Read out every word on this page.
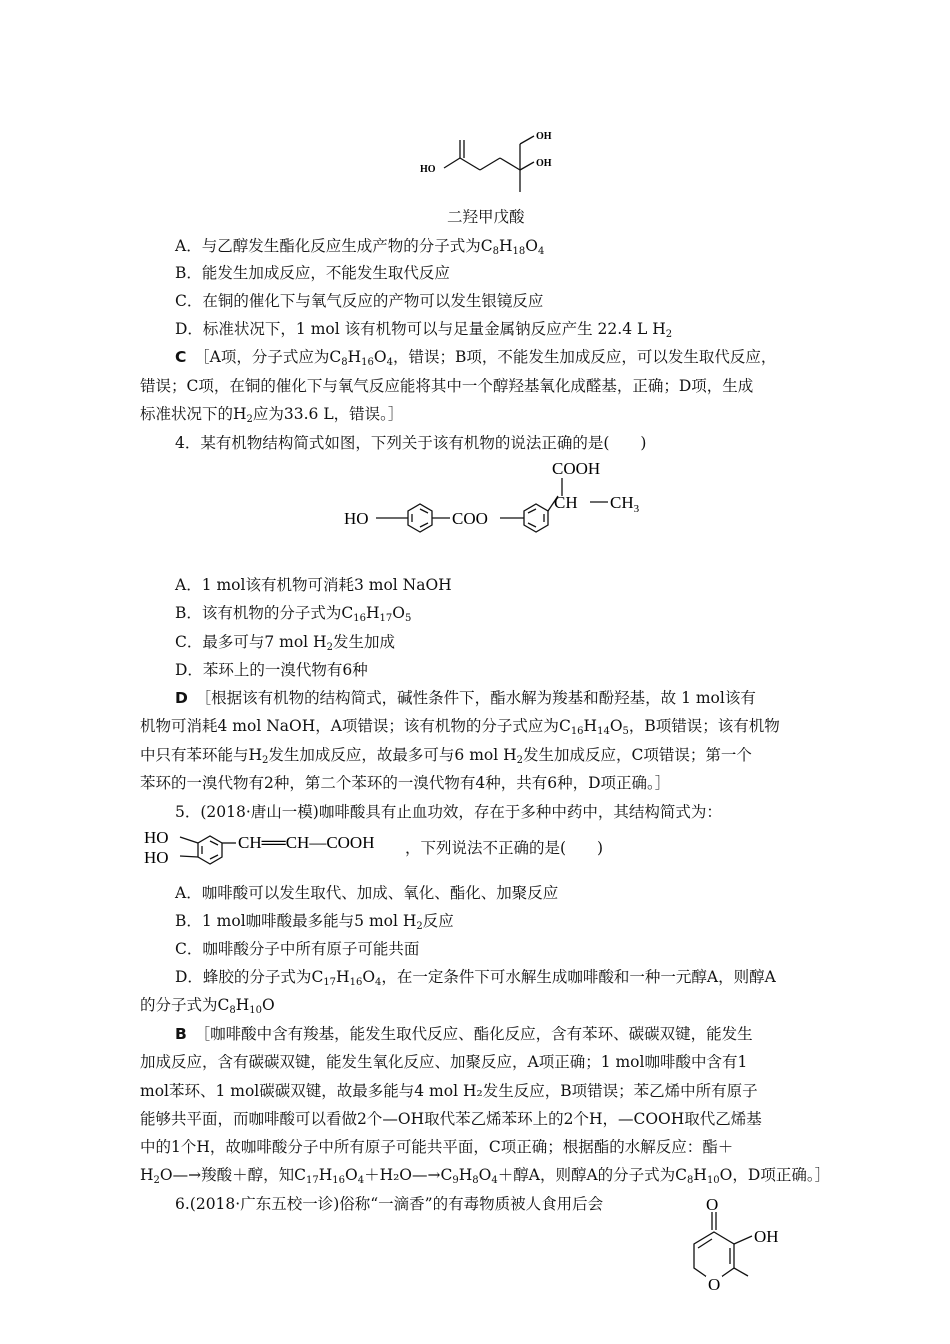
HO
OH
OH
二羟甲戊酸
A．与乙醇发生酯化反应生成产物的分子式为$C_8H_{18}O_4$
B．能发生加成反应，不能发生取代反应
C．在铜的催化下与氧气反应的产物可以发生银镜反应
D．标准状况下，1 mol 该有机物可以与足量金属钠反应产生 22.4 L $H_2$
C　 ［A项，分子式应为$C_8H_{16}O_4$，错误；B项，不能发生加成反应，可以发生取代反应，
错误；C项，在铜的催化下与氧气反应能将其中一个醇羟基氧化成醛基，正确；D项，生成
标准状况下的$H_2$应为33.6 L，错误。］
4．某有机物结构简式如图，下列关于该有机物的说法正确的是(　　)
COOH
CH $CH_3$
HO	COO
A．1 mol该有机物可消耗3 mol NaOH
B．该有机物的分子式为$C_{16}H_{17}O_5$
C．最多可与7 mol $H_2$发生加成
D．苯环上的一溴代物有6种
D　 ［根据该有机物的结构简式，碱性条件下，酯水解为羧基和酚羟基，故 1 mol该有
机物可消耗4 mol NaOH，A项错误；该有机物的分子式应为$C_{16}H_{14}O_5$，B项错误；该有机物
中只有苯环能与$H_2$发生加成反应，故最多可与6 mol $H_2$发生加成反应，C项错误；第一个
苯环的一溴代物有2种，第二个苯环的一溴代物有4种，共有6种，D项正确。］
5．(2018·唐山一模)咖啡酸具有止血功效，存在于多种中药中，其结构简式为：
HO
HO
CH══CH—COOH ，下列说法不正确的是(　　)
A．咖啡酸可以发生取代、加成、氧化、酯化、加聚反应
B．1 mol咖啡酸最多能与5 mol $H_2$反应
C．咖啡酸分子中所有原子可能共面
D．蜂胶的分子式为$C_{17}H_{16}O_4$，在一定条件下可水解生成咖啡酸和一种一元醇A，则醇A
的分子式为$C_8H_{10}O$
B　 ［咖啡酸中含有羧基，能发生取代反应、酯化反应，含有苯环、碳碳双键，能发生
加成反应，含有碳碳双键，能发生氧化反应、加聚反应，A项正确；1 mol咖啡酸中含有1
mol苯环、1 mol碳碳双键，故最多能与4 mol H₂发生反应，B项错误；苯乙烯中所有原子
能够共平面，而咖啡酸可以看做2个—OH取代苯乙烯苯环上的2个H，—COOH取代乙烯基
中的1个H，故咖啡酸分子中所有原子可能共平面，C项正确；根据酯的水解反应：酯＋
$H_2O—\to$羧酸＋醇，知$C_{17}H_{16}O_4+H_2O—\to C_9H_8O_4+$醇A，则醇A的分子式为$C_8H_{10}O$，D项正确。］
6.(2018·广东五校一诊)俗称“一滴香”的有毒物质被人食用后会	O
OH
O
